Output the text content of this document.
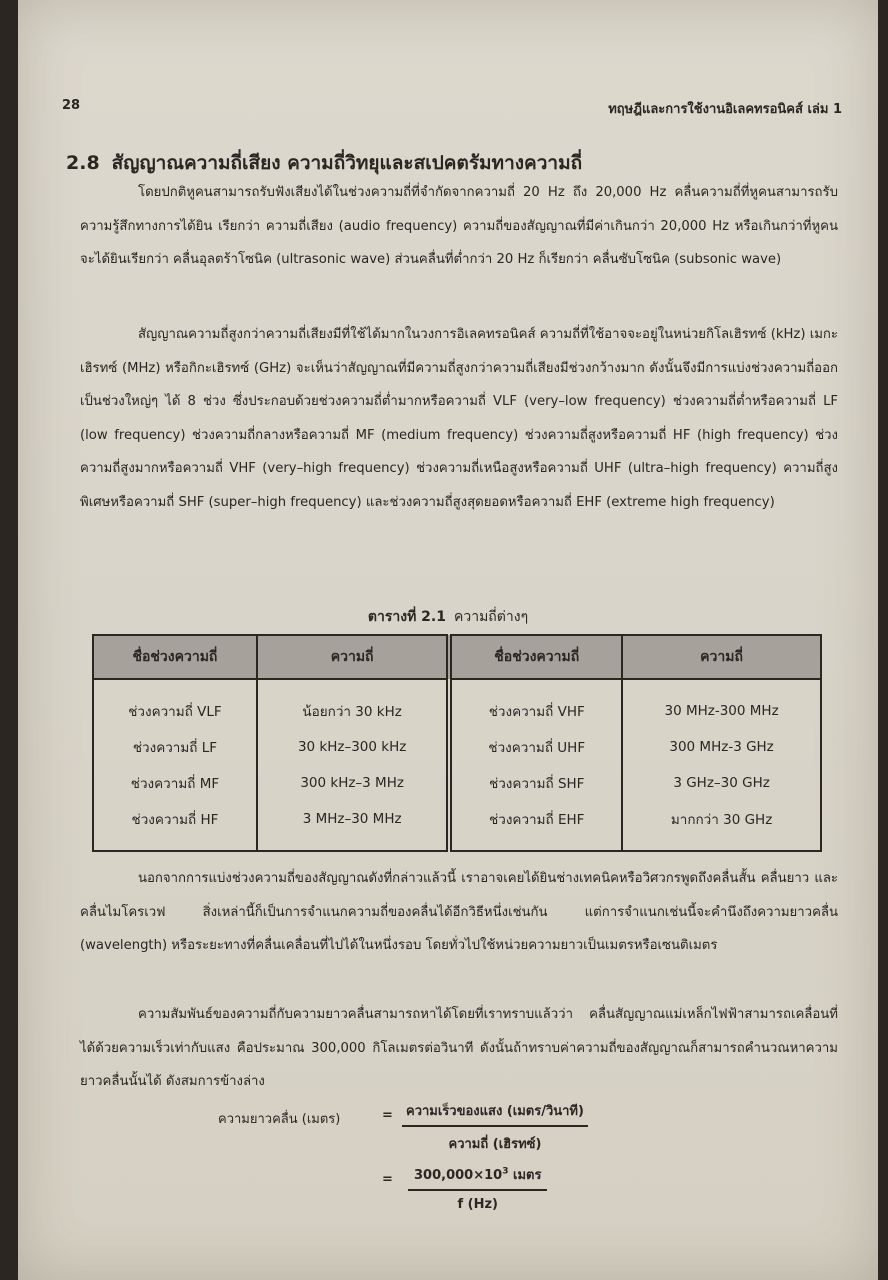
28	ทฤษฎีและการใช้งานอิเลคทรอนิคส์ เล่ม 1
2.8 สัญญาณความถี่เสียง ความถี่วิทยุและสเปคตรัมทางความถี่
โดยปกติหูคนสามารถรับฟังเสียงได้ในช่วงความถี่ที่จำกัดจากความถี่ 20 Hz ถึง 20,000 Hz คลื่นความถี่ที่หูคนสามารถรับความรู้สึกทางการได้ยิน เรียกว่า ความถี่เสียง (audio frequency) ความถี่ของสัญญาณที่มีค่าเกินกว่า 20,000 Hz หรือเกินกว่าที่หูคนจะได้ยินเรียกว่า คลื่นอุลตร้าโซนิค (ultrasonic wave) ส่วนคลื่นที่ต่ำกว่า 20 Hz ก็เรียกว่า คลื่นซับโซนิค (subsonic wave)
สัญญาณความถี่สูงกว่าความถี่เสียงมีที่ใช้ได้มากในวงการอิเลคทรอนิคส์ ความถี่ที่ใช้อาจจะอยู่ในหน่วยกิโลเฮิรทซ์ (kHz) เมกะเฮิรทซ์ (MHz) หรือกิกะเฮิรทซ์ (GHz) จะเห็นว่าสัญญาณที่มีความถี่สูงกว่าความถี่เสียงมีช่วงกว้างมาก ดังนั้นจึงมีการแบ่งช่วงความถี่ออกเป็นช่วงใหญ่ๆ ได้ 8 ช่วง ซึ่งประกอบด้วยช่วงความถี่ต่ำมากหรือความถี่ VLF (very–low frequency) ช่วงความถี่ต่ำหรือความถี่ LF (low frequency) ช่วงความถี่กลางหรือความถี่ MF (medium frequency) ช่วงความถี่สูงหรือความถี่ HF (high frequency) ช่วงความถี่สูงมากหรือความถี่ VHF (very–high frequency) ช่วงความถี่เหนือสูงหรือความถี่ UHF (ultra–high frequency) ความถี่สูงพิเศษหรือความถี่ SHF (super–high frequency) และช่วงความถี่สูงสุดยอดหรือความถี่ EHF (extreme high frequency)
ตารางที่ 2.1 ความถี่ต่างๆ
ชื่อช่วงความถี่	ความถี่	ชื่อช่วงความถี่	ความถี่
ช่วงความถี่ VLF	น้อยกว่า 30 kHz	ช่วงความถี่ VHF	30 MHz-300 MHz
ช่วงความถี่ LF	30 kHz–300 kHz	ช่วงความถี่ UHF	300 MHz-3 GHz
ช่วงความถี่ MF	300 kHz–3 MHz	ช่วงความถี่ SHF	3 GHz–30 GHz
ช่วงความถี่ HF	3 MHz–30 MHz	ช่วงความถี่ EHF	มากกว่า 30 GHz
นอกจากการแบ่งช่วงความถี่ของสัญญาณดังที่กล่าวแล้วนี้ เราอาจเคยได้ยินช่างเทคนิคหรือวิศวกรพูดถึงคลื่นสั้น คลื่นยาว และคลื่นไมโครเวฟ สิ่งเหล่านี้ก็เป็นการจำแนกความถี่ของคลื่นได้อีกวิธีหนึ่งเช่นกัน แต่การจำแนกเช่นนี้จะคำนึงถึงความยาวคลื่น (wavelength) หรือระยะทางที่คลื่นเคลื่อนที่ไปได้ในหนึ่งรอบ โดยทั่วไปใช้หน่วยความยาวเป็นเมตรหรือเซนติเมตร
ความสัมพันธ์ของความถี่กับความยาวคลื่นสามารถหาได้โดยที่เราทราบแล้วว่า คลื่นสัญญาณแม่เหล็กไฟฟ้าสามารถเคลื่อนที่ได้ด้วยความเร็วเท่ากับแสง คือประมาณ 300,000 กิโลเมตรต่อวินาที ดังนั้นถ้าทราบค่าความถี่ของสัญญาณก็สามารถคำนวณหาความยาวคลื่นนั้นได้ ดังสมการข้างล่าง
ความยาวคลื่น (เมตร)	=	ความเร็วของแสง (เมตร/วินาที)
ความถี่ (เฮิรทซ์)
=	$300,000\times 10^3$ เมตร
f (Hz)
